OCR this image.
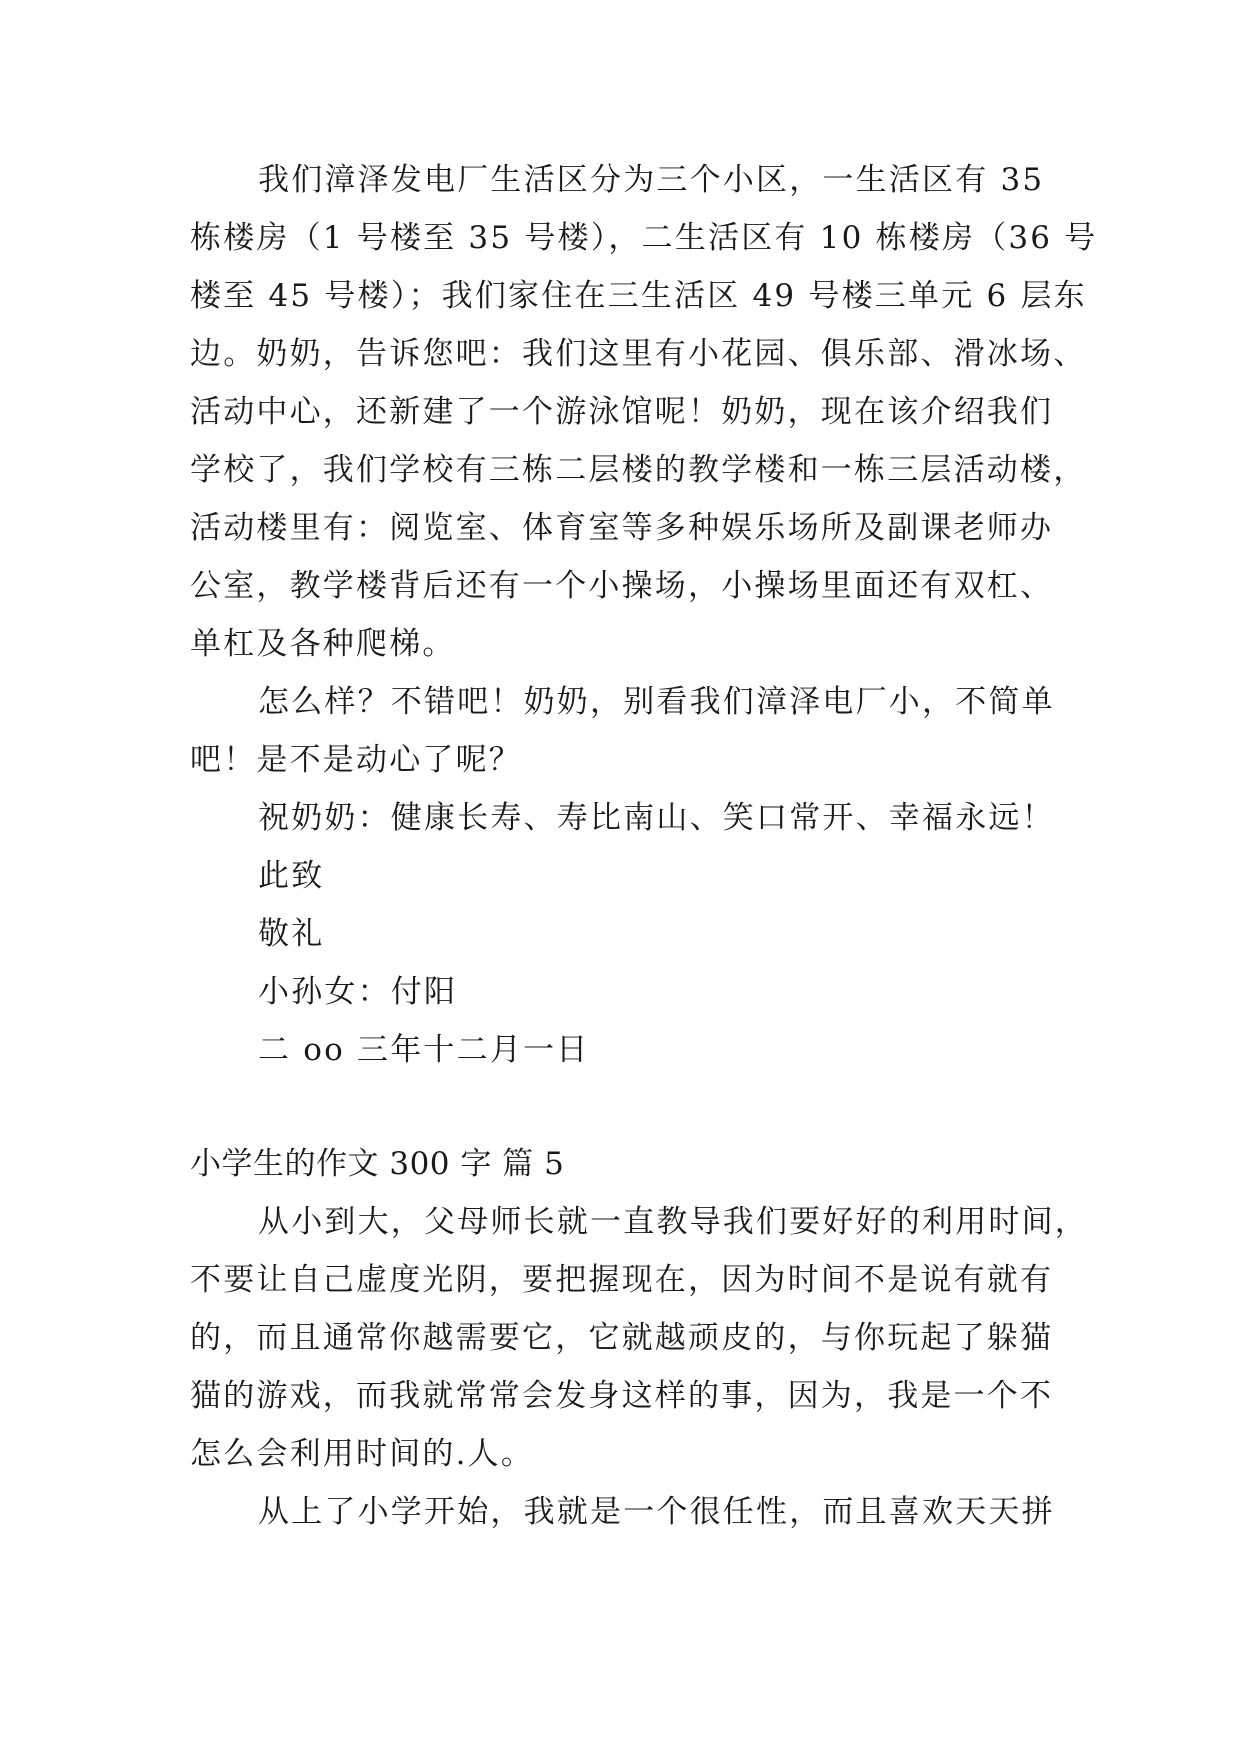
我们漳泽发电厂生活区分为三个小区，一生活区有 35
栋楼房（1 号楼至 35 号楼），二生活区有 10 栋楼房（36 号
楼至 45 号楼）；我们家住在三生活区 49 号楼三单元 6 层东
边。奶奶，告诉您吧：我们这里有小花园、俱乐部、滑冰场、
活动中心，还新建了一个游泳馆呢！奶奶，现在该介绍我们
学校了，我们学校有三栋二层楼的教学楼和一栋三层活动楼，
活动楼里有：阅览室、体育室等多种娱乐场所及副课老师办
公室，教学楼背后还有一个小操场，小操场里面还有双杠、
单杠及各种爬梯。
怎么样？不错吧！奶奶，别看我们漳泽电厂小，不简单
吧！是不是动心了呢？
祝奶奶：健康长寿、寿比南山、笑口常开、幸福永远！
此致
敬礼
小孙女：付阳
二 oo 三年十二月一日
小学生的作文 300 字 篇 5
从小到大，父母师长就一直教导我们要好好的利用时间，
不要让自己虚度光阴，要把握现在，因为时间不是说有就有
的，而且通常你越需要它，它就越顽皮的，与你玩起了躲猫
猫的游戏，而我就常常会发身这样的事，因为，我是一个不
怎么会利用时间的.人。
从上了小学开始，我就是一个很任性，而且喜欢天天拼
